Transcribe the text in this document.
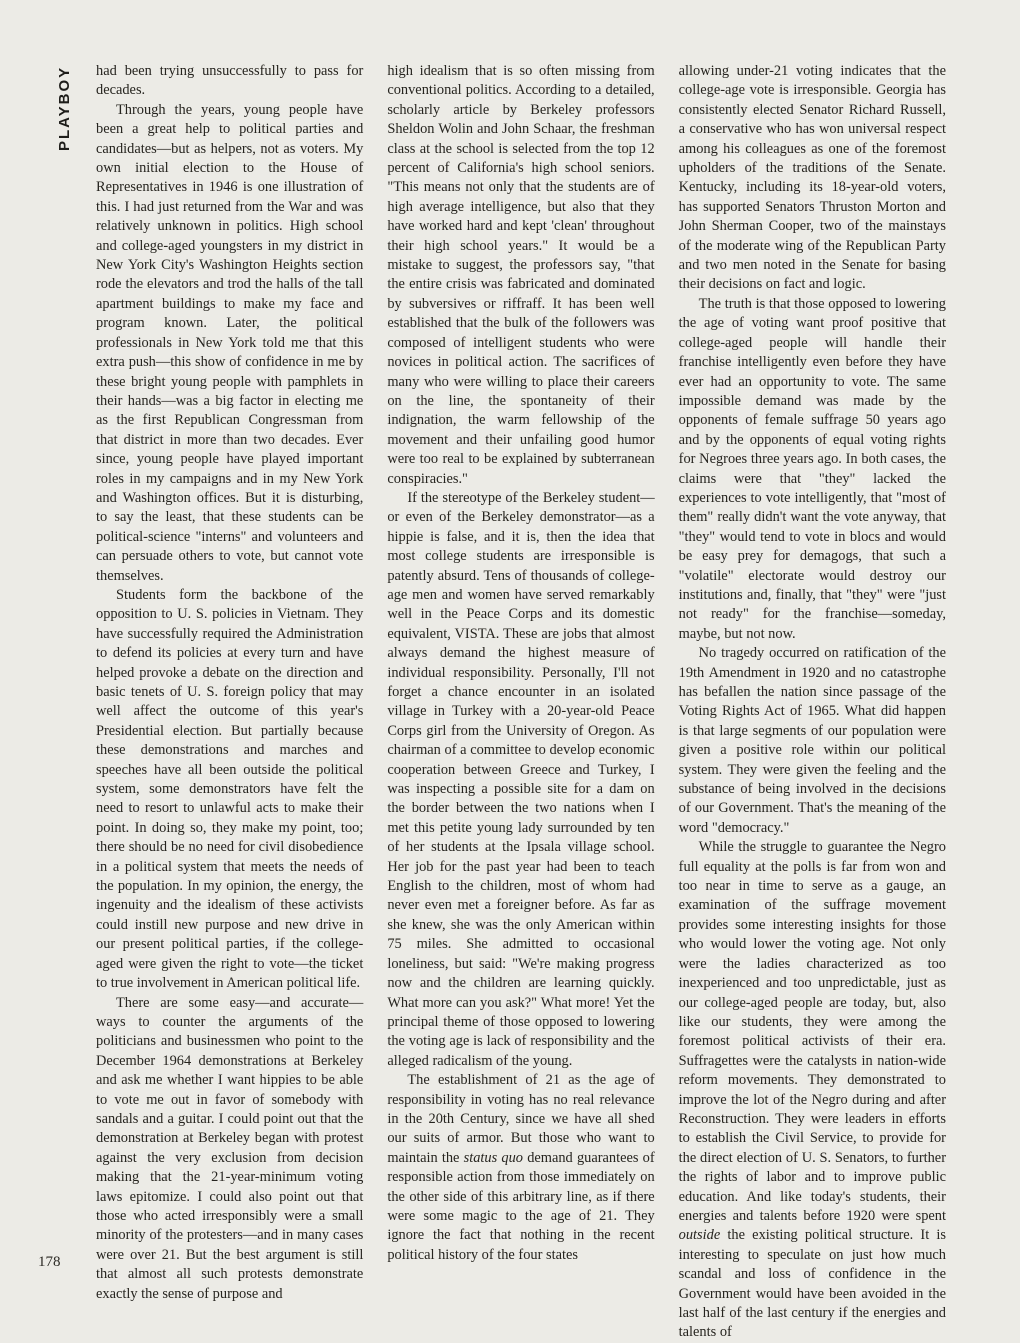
PLAYBOY	had been trying unsuccessfully to pass for decades.

Through the years, young people have been a great help to political parties and candidates—but as helpers, not as voters. My own initial election to the House of Representatives in 1946 is one illustration of this. I had just returned from the War and was relatively unknown in politics. High school and college-aged youngsters in my district in New York City's Washington Heights section rode the elevators and trod the halls of the tall apartment buildings to make my face and program known. Later, the political professionals in New York told me that this extra push—this show of confidence in me by these bright young people with pamphlets in their hands—was a big factor in electing me as the first Republican Congressman from that district in more than two decades. Ever since, young people have played important roles in my campaigns and in my New York and Washington offices. But it is disturbing, to say the least, that these students can be political-science "interns" and volunteers and can persuade others to vote, but cannot vote themselves.

Students form the backbone of the opposition to U. S. policies in Vietnam. They have successfully required the Administration to defend its policies at every turn and have helped provoke a debate on the direction and basic tenets of U. S. foreign policy that may well affect the outcome of this year's Presidential election. But partially because these demonstrations and marches and speeches have all been outside the political system, some demonstrators have felt the need to resort to unlawful acts to make their point. In doing so, they make my point, too; there should be no need for civil disobedience in a political system that meets the needs of the population. In my opinion, the energy, the ingenuity and the idealism of these activists could instill new purpose and new drive in our present political parties, if the college-aged were given the right to vote—the ticket to true involvement in American political life.

There are some easy—and accurate—ways to counter the arguments of the politicians and businessmen who point to the December 1964 demonstrations at Berkeley and ask me whether I want hippies to be able to vote me out in favor of somebody with sandals and a guitar. I could point out that the demonstration at Berkeley began with protest against the very exclusion from decision making that the 21-year-minimum voting laws epitomize. I could also point out that those who acted irresponsibly were a small minority of the protesters—and in many cases were over 21. But the best argument is still that almost all such protests demonstrate exactly the sense of purpose and

high idealism that is so often missing from conventional politics. According to a detailed, scholarly article by Berkeley professors Sheldon Wolin and John Schaar, the freshman class at the school is selected from the top 12 percent of California's high school seniors. "This means not only that the students are of high average intelligence, but also that they have worked hard and kept 'clean' throughout their high school years." It would be a mistake to suggest, the professors say, "that the entire crisis was fabricated and dominated by subversives or riffraff. It has been well established that the bulk of the followers was composed of intelligent students who were novices in political action. The sacrifices of many who were willing to place their careers on the line, the spontaneity of their indignation, the warm fellowship of the movement and their unfailing good humor were too real to be explained by subterranean conspiracies."

If the stereotype of the Berkeley student—or even of the Berkeley demonstrator—as a hippie is false, and it is, then the idea that most college students are irresponsible is patently absurd. Tens of thousands of college-age men and women have served remarkably well in the Peace Corps and its domestic equivalent, VISTA. These are jobs that almost always demand the highest measure of individual responsibility. Personally, I'll not forget a chance encounter in an isolated village in Turkey with a 20-year-old Peace Corps girl from the University of Oregon. As chairman of a committee to develop economic cooperation between Greece and Turkey, I was inspecting a possible site for a dam on the border between the two nations when I met this petite young lady surrounded by ten of her students at the Ipsala village school. Her job for the past year had been to teach English to the children, most of whom had never even met a foreigner before. As far as she knew, she was the only American within 75 miles. She admitted to occasional loneliness, but said: "We're making progress now and the children are learning quickly. What more can you ask?" What more! Yet the principal theme of those opposed to lowering the voting age is lack of responsibility and the alleged radicalism of the young.

The establishment of 21 as the age of responsibility in voting has no real relevance in the 20th Century, since we have all shed our suits of armor. But those who want to maintain the status quo demand guarantees of responsible action from those immediately on the other side of this arbitrary line, as if there were some magic to the age of 21. They ignore the fact that nothing in the recent political history of the four states

allowing under-21 voting indicates that the college-age vote is irresponsible. Georgia has consistently elected Senator Richard Russell, a conservative who has won universal respect among his colleagues as one of the foremost upholders of the traditions of the Senate. Kentucky, including its 18-year-old voters, has supported Senators Thruston Morton and John Sherman Cooper, two of the mainstays of the moderate wing of the Republican Party and two men noted in the Senate for basing their decisions on fact and logic.

The truth is that those opposed to lowering the age of voting want proof positive that college-aged people will handle their franchise intelligently even before they have ever had an opportunity to vote. The same impossible demand was made by the opponents of female suffrage 50 years ago and by the opponents of equal voting rights for Negroes three years ago. In both cases, the claims were that "they" lacked the experiences to vote intelligently, that "most of them" really didn't want the vote anyway, that "they" would tend to vote in blocs and would be easy prey for demagogs, that such a "volatile" electorate would destroy our institutions and, finally, that "they" were "just not ready" for the franchise—someday, maybe, but not now.

No tragedy occurred on ratification of the 19th Amendment in 1920 and no catastrophe has befallen the nation since passage of the Voting Rights Act of 1965. What did happen is that large segments of our population were given a positive role within our political system. They were given the feeling and the substance of being involved in the decisions of our Government. That's the meaning of the word "democracy."

While the struggle to guarantee the Negro full equality at the polls is far from won and too near in time to serve as a gauge, an examination of the suffrage movement provides some interesting insights for those who would lower the voting age. Not only were the ladies characterized as too inexperienced and too unpredictable, just as our college-aged people are today, but, also like our students, they were among the foremost political activists of their era. Suffragettes were the catalysts in nation-wide reform movements. They demonstrated to improve the lot of the Negro during and after Reconstruction. They were leaders in efforts to establish the Civil Service, to provide for the direct election of U. S. Senators, to further the rights of labor and to improve public education. And like today's students, their energies and talents before 1920 were spent outside the existing political structure. It is interesting to speculate on just how much scandal and loss of confidence in the Government would have been avoided in the last half of the last century if the energies and talents of

178
